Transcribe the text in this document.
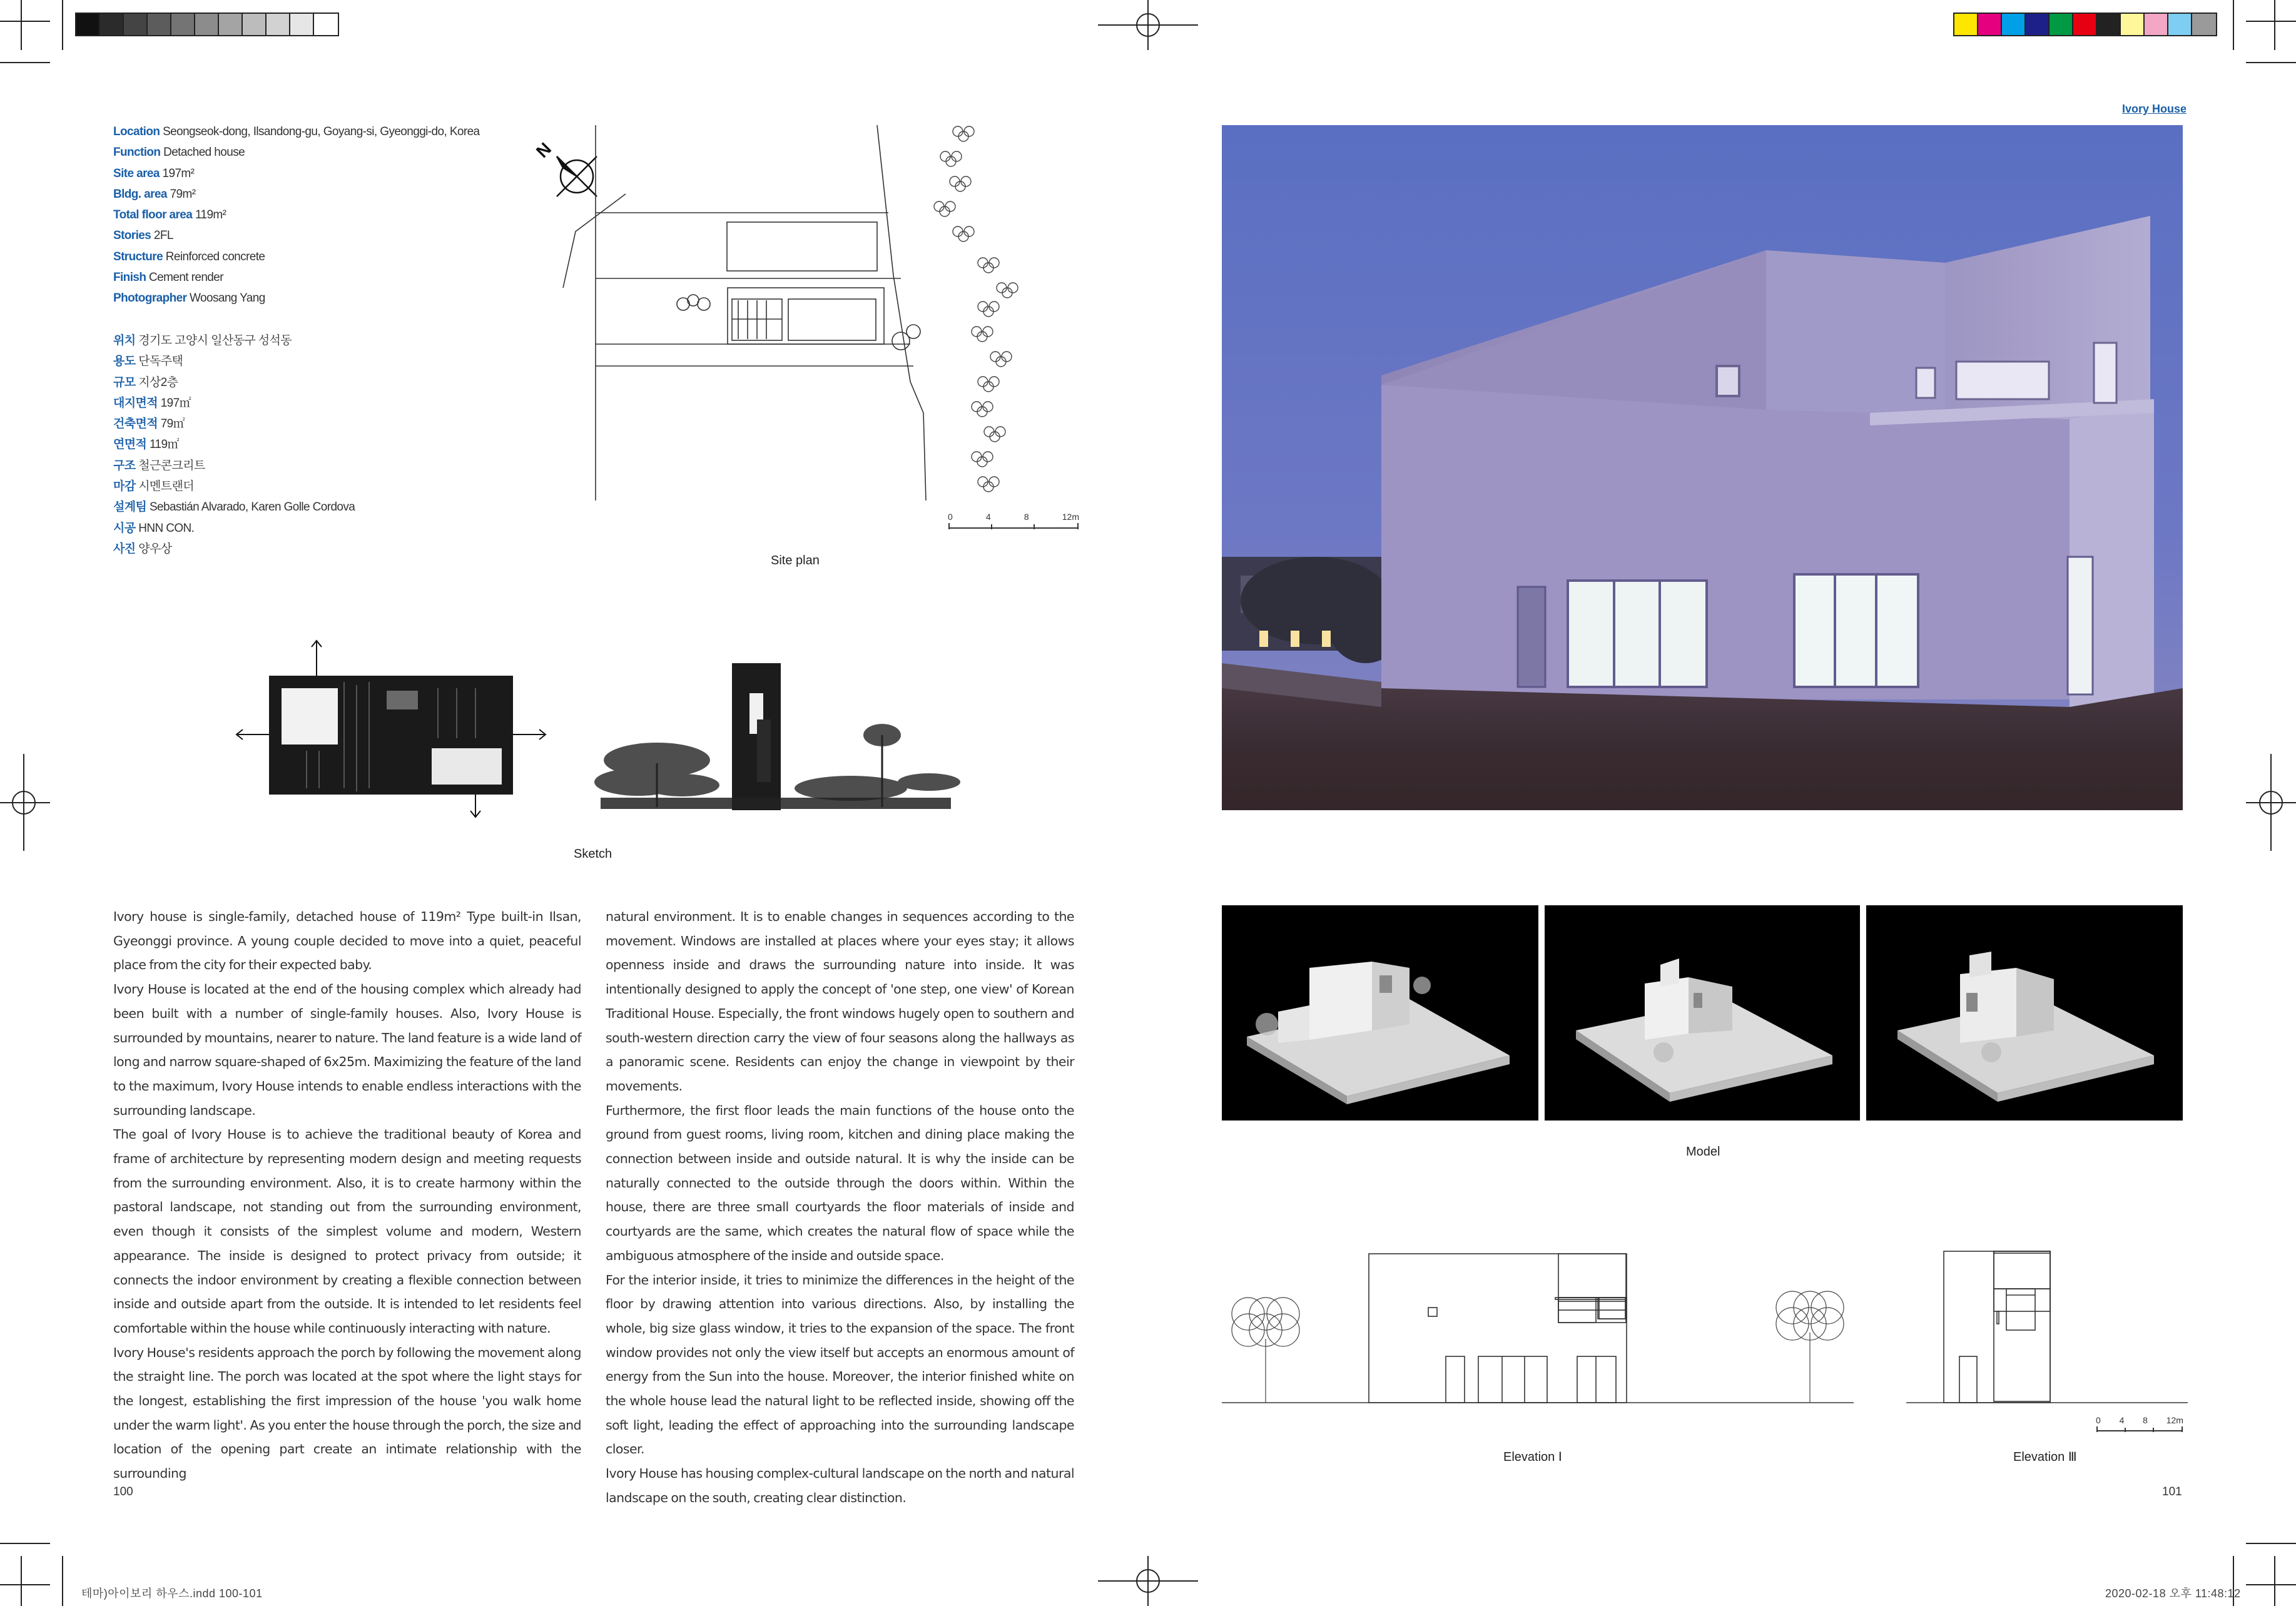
Ivory House
Location Seongseok-dong, Ilsandong-gu, Goyang-si, Gyeonggi-do, Korea
Function Detached house
Site area 197m²
Bldg. area 79m²
Total floor area 119m²
Stories 2FL
Structure Reinforced concrete
Finish Cement render
Photographer Woosang Yang
위치 경기도 고양시 일산동구 성석동
용도 단독주택
규모 지상2층
대지면적 197㎡
건축면적 79㎡
연면적 119㎡
구조 철근콘크리트
마감 시멘트랜더
설계팀 Sebastián Alvarado, Karen Golle Cordova
시공 HNN CON.
사진 양우상
N
0	4	8	12m
Site plan
Sketch
Model
Elevation Ⅰ
0 4 8 12m
Elevation Ⅲ

Ivory house is single-family, detached house of 119m² Type built-in Ilsan, Gyeonggi province. A young couple decided to move into a quiet, peaceful place from the city for their expected baby.

Ivory House is located at the end of the housing complex which already had been built with a number of single-family houses. Also, Ivory House is surrounded by mountains, nearer to nature. The land feature is a wide land of long and narrow square-shaped of 6x25m. Maximizing the feature of the land to the maximum, Ivory House intends to enable endless interactions with the surrounding landscape.

The goal of Ivory House is to achieve the traditional beauty of Korea and frame of architecture by representing modern design and meeting requests from the surrounding environment. Also, it is to create harmony within the pastoral landscape, not standing out from the surrounding environment, even though it consists of the simplest volume and modern, Western appearance. The inside is designed to protect privacy from outside; it connects the indoor environment by creating a flexible connection between inside and outside apart from the outside. It is intended to let residents feel comfortable within the house while continuously interacting with nature.

Ivory House's residents approach the porch by following the movement along the straight line. The porch was located at the spot where the light stays for the longest, establishing the first impression of the house 'you walk home under the warm light'. As you enter the house through the porch, the size and location of the opening part create an intimate relationship with the surrounding

natural environment. It is to enable changes in sequences according to the movement. Windows are installed at places where your eyes stay; it allows openness inside and draws the surrounding nature into inside. It was intentionally designed to apply the concept of 'one step, one view' of Korean Traditional House. Especially, the front windows hugely open to southern and south-western direction carry the view of four seasons along the hallways as a panoramic scene. Residents can enjoy the change in viewpoint by their movements.

Furthermore, the first floor leads the main functions of the house onto the ground from guest rooms, living room, kitchen and dining place making the connection between inside and outside natural. It is why the inside can be naturally connected to the outside through the doors within. Within the house, there are three small courtyards the floor materials of inside and courtyards are the same, which creates the natural flow of space while the ambiguous atmosphere of the inside and outside space.

For the interior inside, it tries to minimize the differences in the height of the floor by drawing attention into various directions. Also, by installing the whole, big size glass window, it tries to the expansion of the space. The front window provides not only the view itself but accepts an enormous amount of energy from the Sun into the house. Moreover, the interior finished white on the whole house lead the natural light to be reflected inside, showing off the soft light, leading the effect of approaching into the surrounding landscape closer.

Ivory House has housing complex-cultural landscape on the north and natural landscape on the south, creating clear distinction.

100	101
테마)아이보리 하우스.indd 100-101	2020-02-18 오후 11:48:12
